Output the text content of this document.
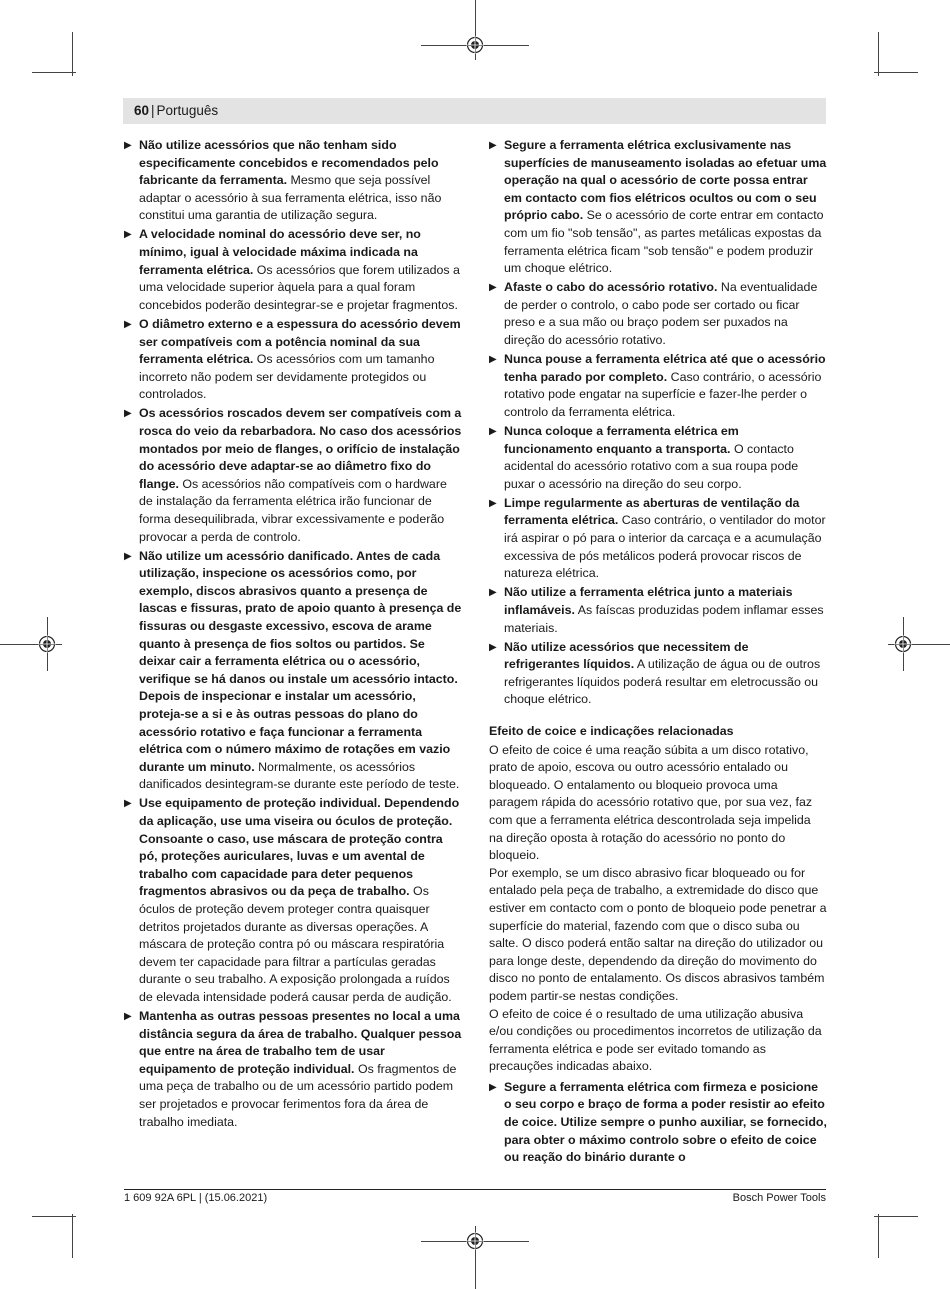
60 | Português
▶ Não utilize acessórios que não tenham sido especificamente concebidos e recomendados pelo fabricante da ferramenta. Mesmo que seja possível adaptar o acessório à sua ferramenta elétrica, isso não constitui uma garantia de utilização segura.
▶ A velocidade nominal do acessório deve ser, no mínimo, igual à velocidade máxima indicada na ferramenta elétrica. Os acessórios que forem utilizados a uma velocidade superior àquela para a qual foram concebidos poderão desintegrar-se e projetar fragmentos.
▶ O diâmetro externo e a espessura do acessório devem ser compatíveis com a potência nominal da sua ferramenta elétrica. Os acessórios com um tamanho incorreto não podem ser devidamente protegidos ou controlados.
▶ Os acessórios roscados devem ser compatíveis com a rosca do veio da rebarbadora. No caso dos acessórios montados por meio de flanges, o orifício de instalação do acessório deve adaptar-se ao diâmetro fixo do flange. Os acessórios não compatíveis com o hardware de instalação da ferramenta elétrica irão funcionar de forma desequilibrada, vibrar excessivamente e poderão provocar a perda de controlo.
▶ Não utilize um acessório danificado. Antes de cada utilização, inspecione os acessórios como, por exemplo, discos abrasivos quanto a presença de lascas e fissuras, prato de apoio quanto à presença de fissuras ou desgaste excessivo, escova de arame quanto à presença de fios soltos ou partidos. Se deixar cair a ferramenta elétrica ou o acessório, verifique se há danos ou instale um acessório intacto. Depois de inspecionar e instalar um acessório, proteja-se a si e às outras pessoas do plano do acessório rotativo e faça funcionar a ferramenta elétrica com o número máximo de rotações em vazio durante um minuto. Normalmente, os acessórios danificados desintegram-se durante este período de teste.
▶ Use equipamento de proteção individual. Dependendo da aplicação, use uma viseira ou óculos de proteção. Consoante o caso, use máscara de proteção contra pó, proteções auriculares, luvas e um avental de trabalho com capacidade para deter pequenos fragmentos abrasivos ou da peça de trabalho. Os óculos de proteção devem proteger contra quaisquer detritos projetados durante as diversas operações. A máscara de proteção contra pó ou máscara respiratória devem ter capacidade para filtrar a partículas geradas durante o seu trabalho. A exposição prolongada a ruídos de elevada intensidade poderá causar perda de audição.
▶ Mantenha as outras pessoas presentes no local a uma distância segura da área de trabalho. Qualquer pessoa que entre na área de trabalho tem de usar equipamento de proteção individual. Os fragmentos de uma peça de trabalho ou de um acessório partido podem ser projetados e provocar ferimentos fora da área de trabalho imediata.
▶ Segure a ferramenta elétrica exclusivamente nas superfícies de manuseamento isoladas ao efetuar uma operação na qual o acessório de corte possa entrar em contacto com fios elétricos ocultos ou com o seu próprio cabo. Se o acessório de corte entrar em contacto com um fio "sob tensão", as partes metálicas expostas da ferramenta elétrica ficam "sob tensão" e podem produzir um choque elétrico.
▶ Afaste o cabo do acessório rotativo. Na eventualidade de perder o controlo, o cabo pode ser cortado ou ficar preso e a sua mão ou braço podem ser puxados na direção do acessório rotativo.
▶ Nunca pouse a ferramenta elétrica até que o acessório tenha parado por completo. Caso contrário, o acessório rotativo pode engatar na superfície e fazer-lhe perder o controlo da ferramenta elétrica.
▶ Nunca coloque a ferramenta elétrica em funcionamento enquanto a transporta. O contacto acidental do acessório rotativo com a sua roupa pode puxar o acessório na direção do seu corpo.
▶ Limpe regularmente as aberturas de ventilação da ferramenta elétrica. Caso contrário, o ventilador do motor irá aspirar o pó para o interior da carcaça e a acumulação excessiva de pós metálicos poderá provocar riscos de natureza elétrica.
▶ Não utilize a ferramenta elétrica junto a materiais inflamáveis. As faíscas produzidas podem inflamar esses materiais.
▶ Não utilize acessórios que necessitem de refrigerantes líquidos. A utilização de água ou de outros refrigerantes líquidos poderá resultar em eletrocussão ou choque elétrico.
Efeito de coice e indicações relacionadas

O efeito de coice é uma reação súbita a um disco rotativo, prato de apoio, escova ou outro acessório entalado ou bloqueado. O entalamento ou bloqueio provoca uma paragem rápida do acessório rotativo que, por sua vez, faz com que a ferramenta elétrica descontrolada seja impelida na direção oposta à rotação do acessório no ponto do bloqueio.

Por exemplo, se um disco abrasivo ficar bloqueado ou for entalado pela peça de trabalho, a extremidade do disco que estiver em contacto com o ponto de bloqueio pode penetrar a superfície do material, fazendo com que o disco suba ou salte. O disco poderá então saltar na direção do utilizador ou para longe deste, dependendo da direção do movimento do disco no ponto de entalamento. Os discos abrasivos também podem partir-se nestas condições.

O efeito de coice é o resultado de uma utilização abusiva e/ou condições ou procedimentos incorretos de utilização da ferramenta elétrica e pode ser evitado tomando as precauções indicadas abaixo.

▶ Segure a ferramenta elétrica com firmeza e posicione o seu corpo e braço de forma a poder resistir ao efeito de coice. Utilize sempre o punho auxiliar, se fornecido, para obter o máximo controlo sobre o efeito de coice ou reação do binário durante o
1 609 92A 6PL | (15.06.2021)	Bosch Power Tools
